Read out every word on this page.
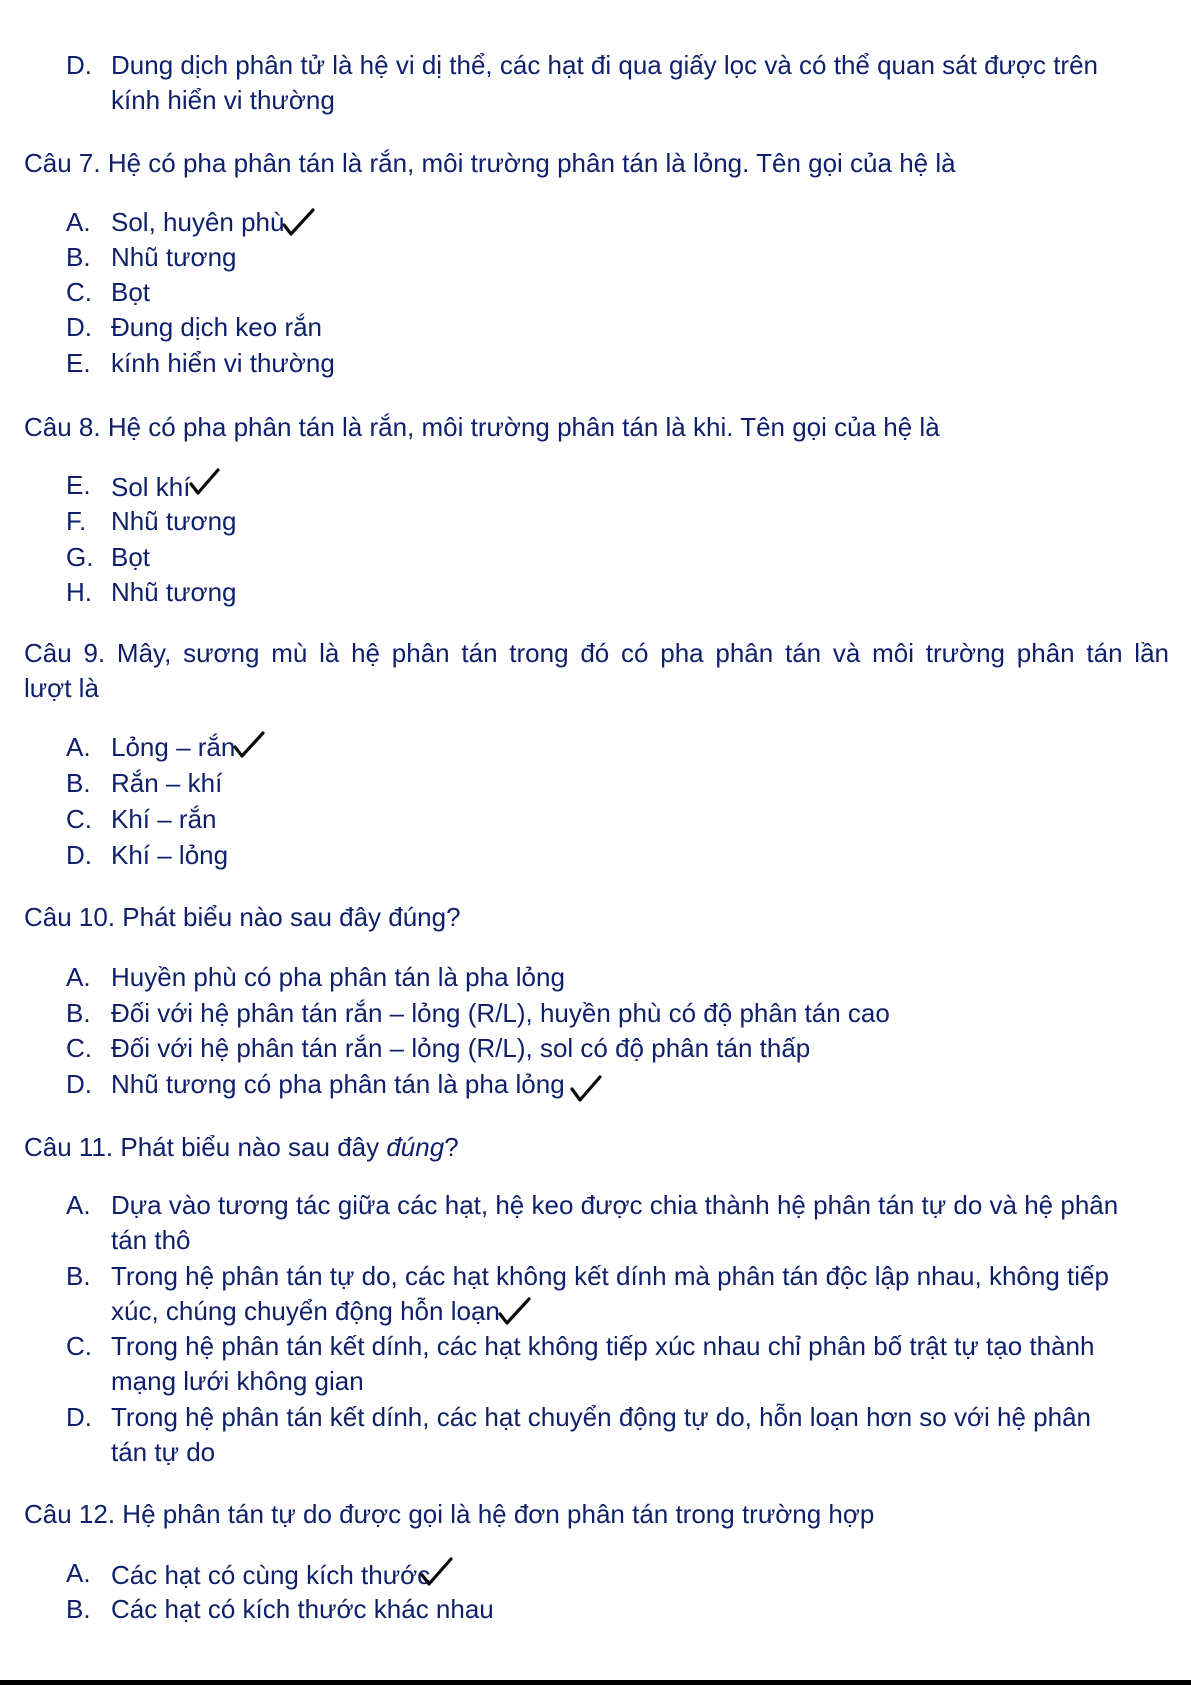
D. Dung dịch phân tử là hệ vi dị thể, các hạt đi qua giấy lọc và có thể quan sát được trên
kính hiển vi thường

Câu 7. Hệ có pha phân tán là rắn, môi trường phân tán là lỏng. Tên gọi của hệ là

A. Sol, huyên phù
B. Nhũ tương
C. Bọt
D. Đung dịch keo rắn
E. kính hiển vi thường

Câu 8. Hệ có pha phân tán là rắn, môi trường phân tán là khi. Tên gọi của hệ là

E. Sol khí
F. Nhũ tương
G. Bọt
H. Nhũ tương
Câu 9. Mây, sương mù là hệ phân tán trong đó có pha phân tán và môi trường phân tán lần
lượt là
A. Lỏng – rắn
B. Rắn – khí
C. Khí – rắn
D. Khí – lỏng

Câu 10. Phát biểu nào sau đây đúng?

A. Huyền phù có pha phân tán là pha lỏng
B. Đối với hệ phân tán rắn – lỏng (R/L), huyền phù có độ phân tán cao
C. Đối với hệ phân tán rắn – lỏng (R/L), sol có độ phân tán thấp
D. Nhũ tương có pha phân tán là pha lỏng

Câu 11. Phát biểu nào sau đây đúng?

A. Dựa vào tương tác giữa các hạt, hệ keo được chia thành hệ phân tán tự do và hệ phân
tán thô
B. Trong hệ phân tán tự do, các hạt không kết dính mà phân tán độc lập nhau, không tiếp
xúc, chúng chuyển động hỗn loạn
C. Trong hệ phân tán kết dính, các hạt không tiếp xúc nhau chỉ phân bố trật tự tạo thành
mạng lưới không gian
D. Trong hệ phân tán kết dính, các hạt chuyển động tự do, hỗn loạn hơn so với hệ phân
tán tự do

Câu 12. Hệ phân tán tự do được gọi là hệ đơn phân tán trong trường hợp

A. Các hạt có cùng kích thước
B. Các hạt có kích thước khác nhau
